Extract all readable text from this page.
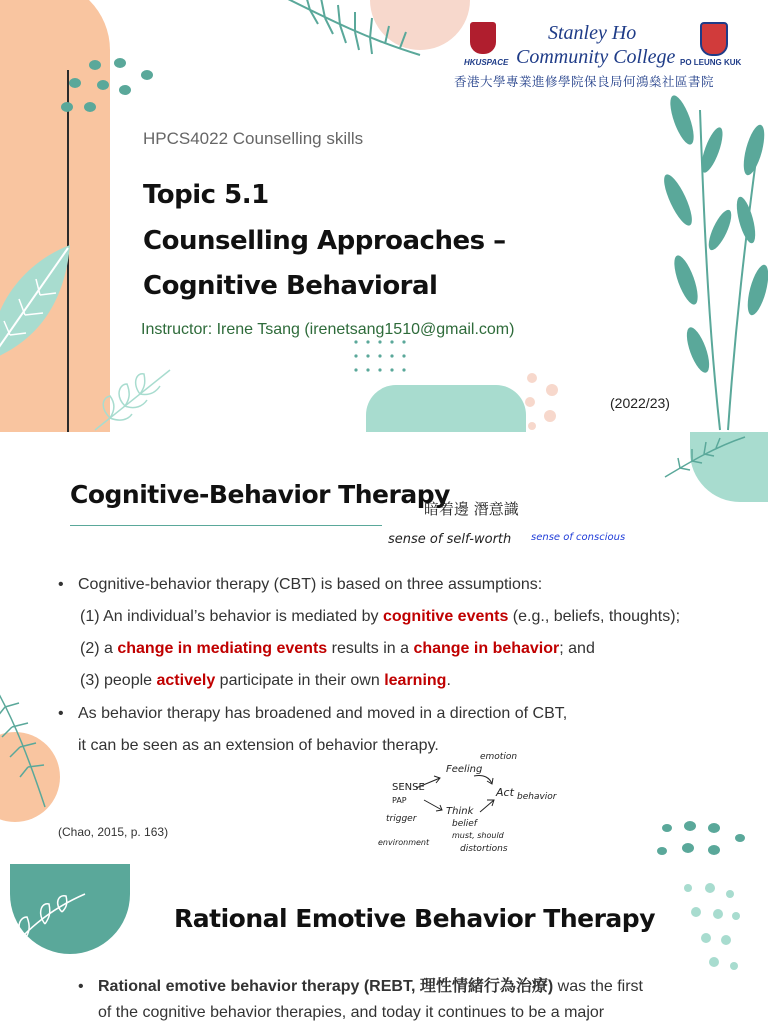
HKUSPACE
Stanley Ho
Community College PO LEUNG KUK
香港大學專業進修學院保良局何鴻燊社區書院
HPCS4022 Counselling skills
Topic 5.1
Counselling Approaches –
Cognitive Behavioral
Instructor: Irene Tsang (irenetsang1510@gmail.com)
(2022/23)
Cognitive-Behavior Therapy
暗着邊 潛意識
sense of self-worth sense of conscious
• Cognitive-behavior therapy (CBT) is based on three assumptions:
(1) An individual’s behavior is mediated by cognitive events (e.g., beliefs, thoughts);
(2) a change in mediating events results in a change in behavior; and
(3) people actively participate in their own learning.
• As behavior therapy has broadened and moved in a direction of CBT,
it can be seen as an extension of behavior therapy.
(Chao, 2015, p. 163)
emotion
Feeling
SENSE	Act behavior
PAP
Think
trigger	belief
must, should
environment
distortions
Rational Emotive Behavior Therapy
• Rational emotive behavior therapy (REBT, 理性情緒行為治療) was the first
of the cognitive behavior therapies, and today it continues to be a major
